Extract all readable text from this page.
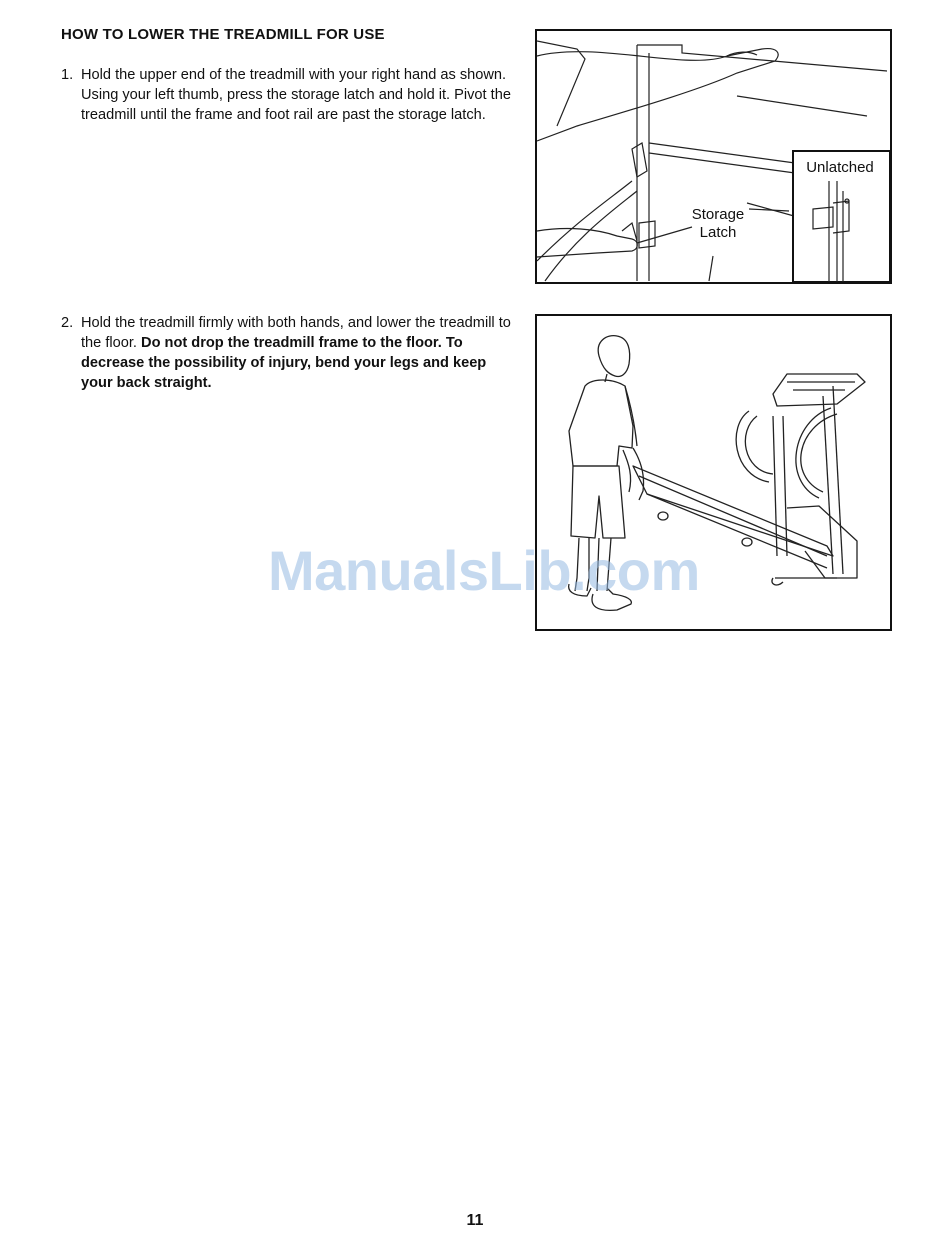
HOW TO LOWER THE TREADMILL FOR USE
1. Hold the upper end of the treadmill with your right hand as shown. Using your left thumb, press the storage latch and hold it. Pivot the treadmill until the frame and foot rail are past the storage latch.
2. Hold the treadmill firmly with both hands, and lower the treadmill to the floor. Do not drop the treadmill frame to the floor. To decrease the possibility of injury, bend your legs and keep your back straight.
Storage
Latch
Unlatched
ManualsLib.com
11
